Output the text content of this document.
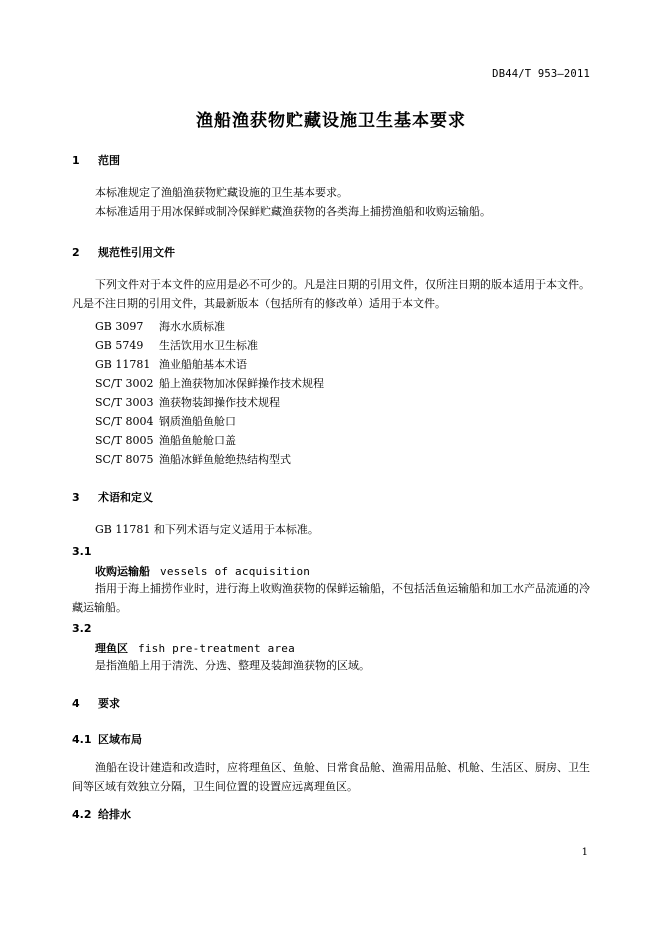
DB44/T 953—2011
渔船渔获物贮藏设施卫生基本要求
1 范围
本标准规定了渔船渔获物贮藏设施的卫生基本要求。
本标准适用于用冰保鲜或制冷保鲜贮藏渔获物的各类海上捕捞渔船和收购运输船。
2 规范性引用文件
下列文件对于本文件的应用是必不可少的。凡是注日期的引用文件，仅所注日期的版本适用于本文件。凡是不注日期的引用文件，其最新版本（包括所有的修改单）适用于本文件。
GB 3097 海水水质标准
GB 5749 生活饮用水卫生标准
GB 11781 渔业船舶基本术语
SC/T 3002 船上渔获物加冰保鲜操作技术规程
SC/T 3003 渔获物装卸操作技术规程
SC/T 8004 钢质渔船鱼舱口
SC/T 8005 渔船鱼舱舱口盖
SC/T 8075 渔船冰鲜鱼舱绝热结构型式
3 术语和定义
GB 11781 和下列术语与定义适用于本标准。
3.1
收购运输船 vessels of acquisition
指用于海上捕捞作业时，进行海上收购渔获物的保鲜运输船，不包括活鱼运输船和加工水产品流通的冷藏运输船。
3.2
理鱼区 fish pre-treatment area
是指渔船上用于清洗、分选、整理及装卸渔获物的区域。
4 要求
4.1 区域布局
渔船在设计建造和改造时，应将理鱼区、鱼舱、日常食品舱、渔需用品舱、机舱、生活区、厨房、卫生间等区域有效独立分隔，卫生间位置的设置应远离理鱼区。
4.2 给排水
1
